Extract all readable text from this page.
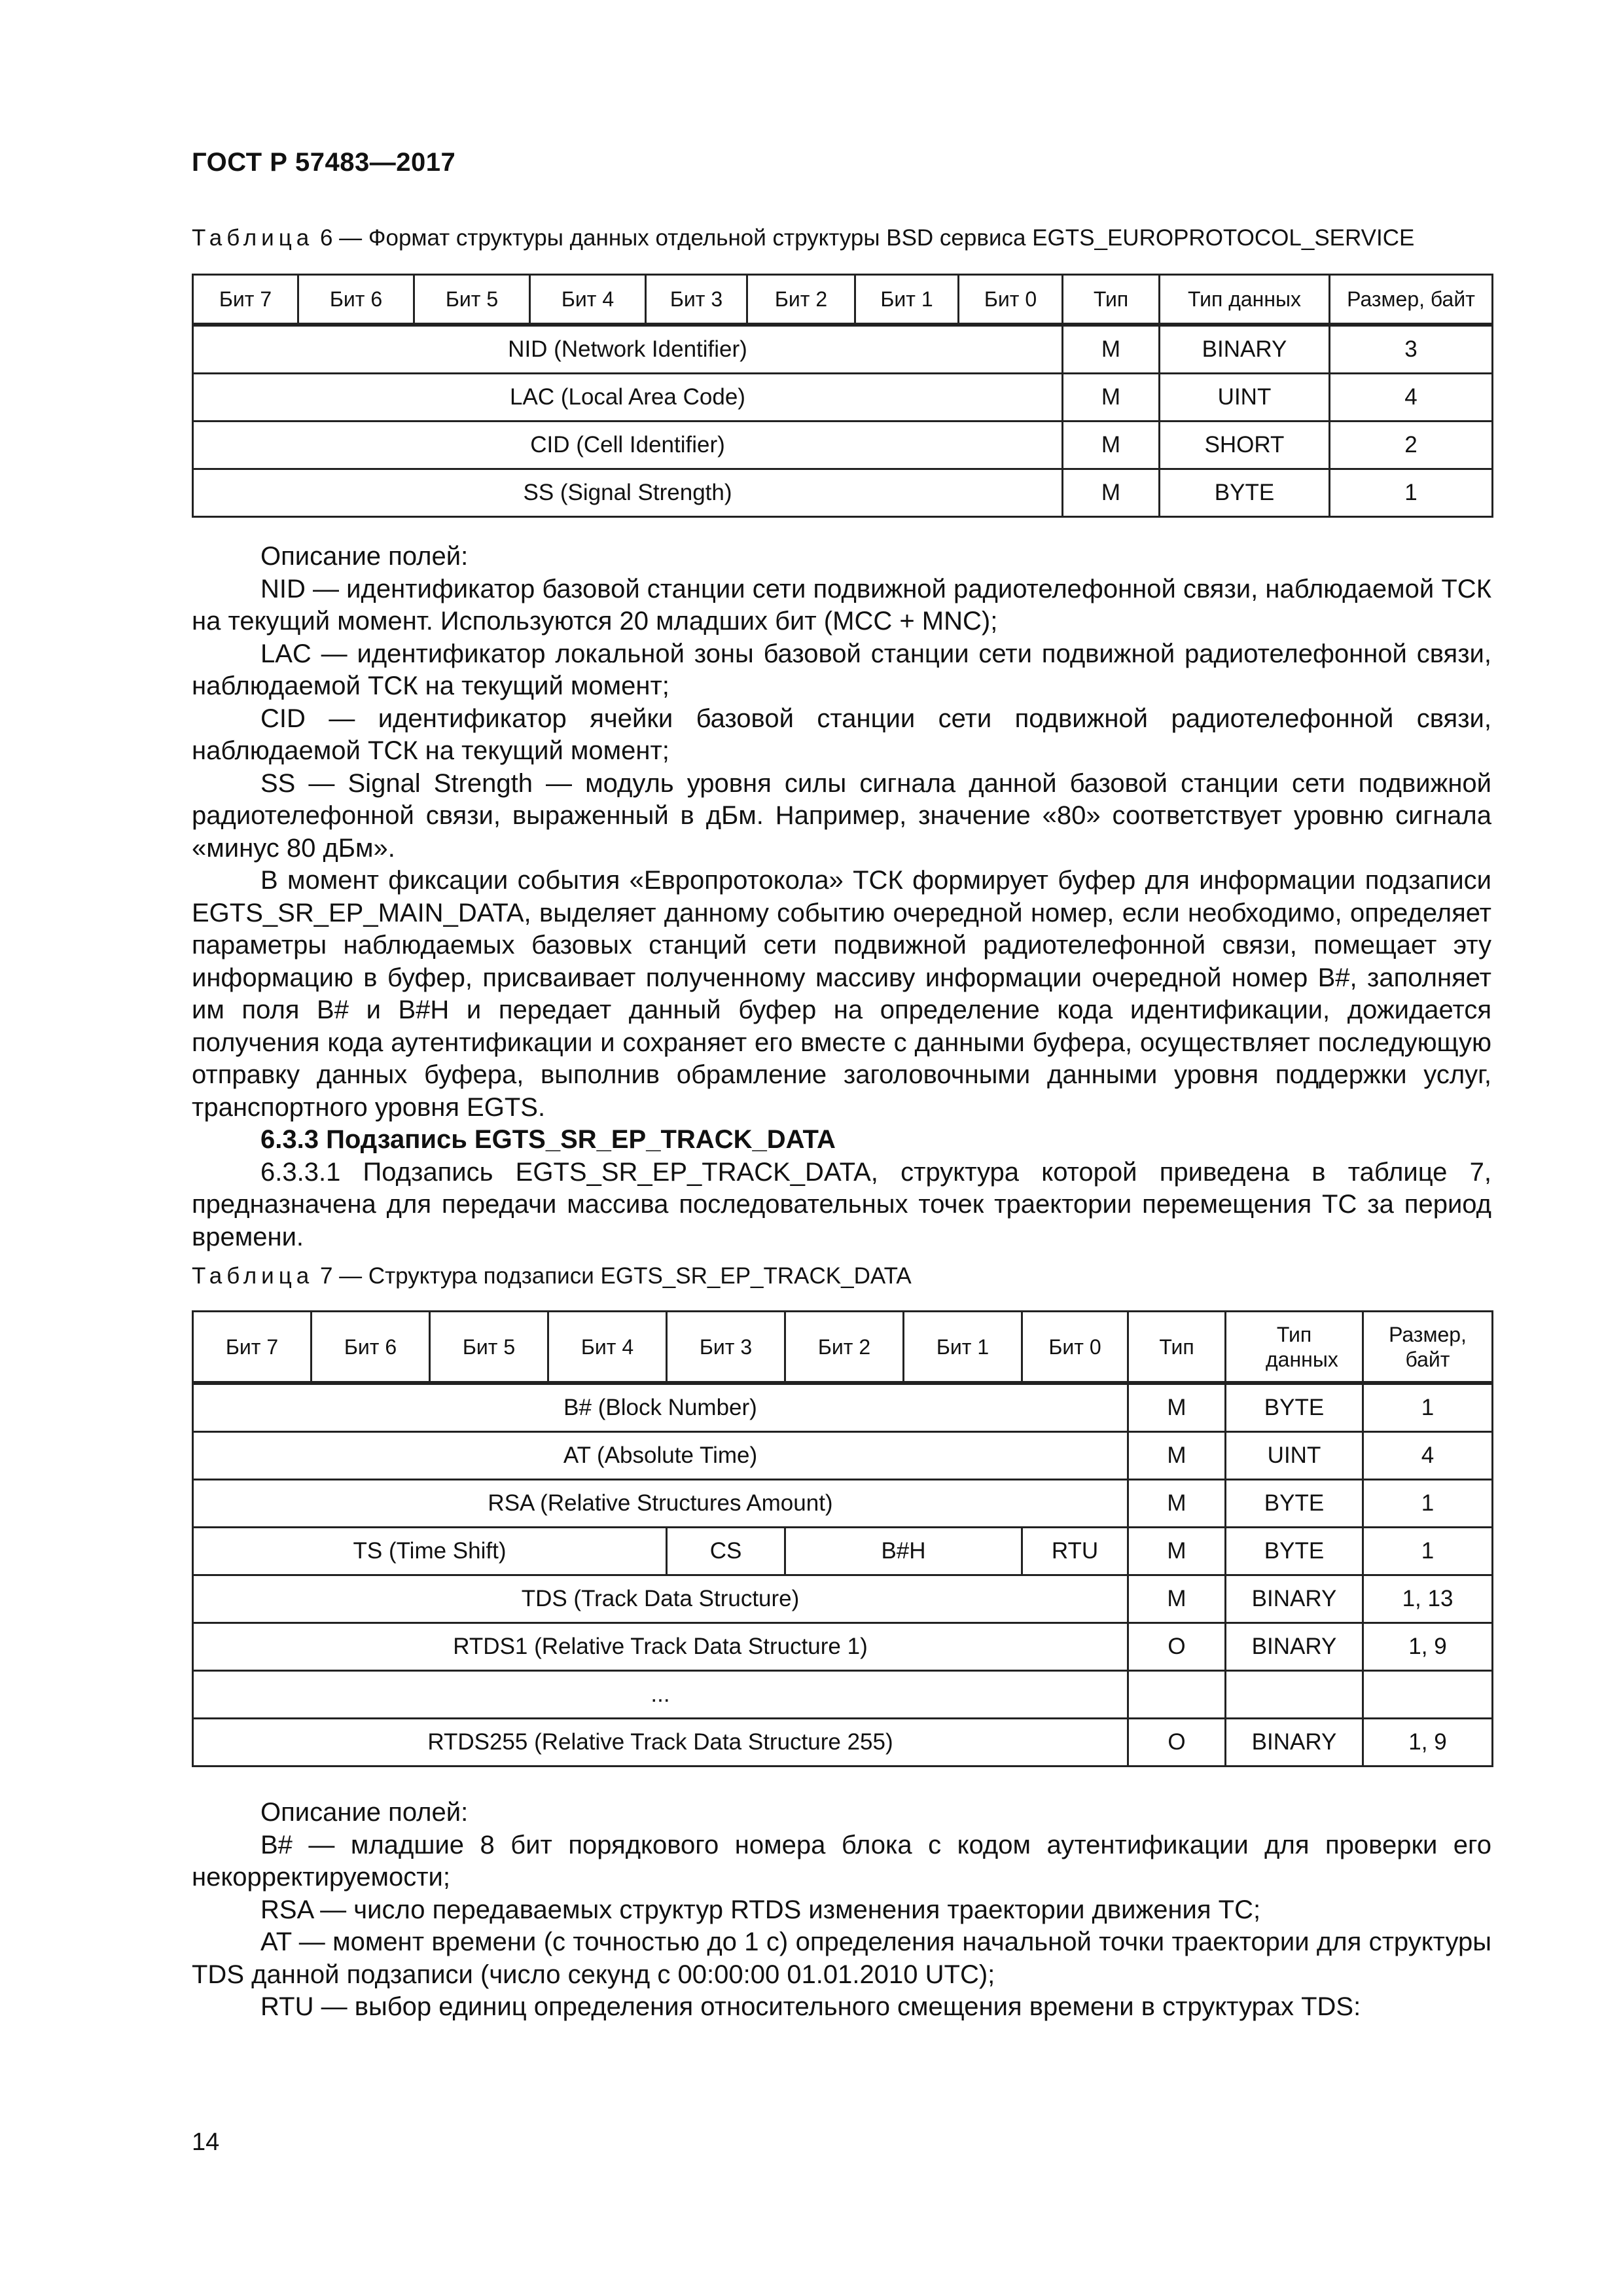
ГОСТ Р 57483—2017
Таблица 6 — Формат структуры данных отдельной структуры BSD сервиса EGTS_EUROPROTOCOL_SERVICE
Бит 7	Бит 6	Бит 5	Бит 4	Бит 3	Бит 2	Бит 1	Бит 0	Тип	Тип данных	Размер, байт

NID (Network Identifier)								M	BINARY	3
LAC (Local Area Code)								M	UINT	4
CID (Cell Identifier)								M	SHORT	2
SS (Signal Strength)								M	BYTE	1

Описание полей:

NID — идентификатор базовой станции сети подвижной радиотелефонной связи, наблюдаемой ТСК на текущий момент. Используются 20 младших бит (MCC + MNC);

LAC — идентификатор локальной зоны базовой станции сети подвижной радиотелефонной связи, наблюдаемой ТСК на текущий момент;

CID — идентификатор ячейки базовой станции сети подвижной радиотелефонной связи, наблюдаемой ТСК на текущий момент;

SS — Signal Strength — модуль уровня силы сигнала данной базовой станции сети подвижной радиотелефонной связи, выраженный в дБм. Например, значение «80» соответствует уровню сигнала «минус 80 дБм».

В момент фиксации события «Европротокола» ТСК формирует буфер для информации подзаписи EGTS_SR_EP_MAIN_DATA, выделяет данному событию очередной номер, если необходимо, определяет параметры наблюдаемых базовых станций сети подвижной радиотелефонной связи, помещает эту информацию в буфер, присваивает полученному массиву информации очередной номер B#, заполняет им поля B# и B#H и передает данный буфер на определение кода идентификации, дожидается получения кода аутентификации и сохраняет его вместе с данными буфера, осуществляет последующую отправку данных буфера, выполнив обрамление заголовочными данными уровня поддержки услуг, транспортного уровня EGTS.

6.3.3 Подзапись EGTS_SR_EP_TRACK_DATA

6.3.3.1 Подзапись EGTS_SR_EP_TRACK_DATA, структура которой приведена в таблице 7, предназначена для передачи массива последовательных точек траектории перемещения ТС за период времени.

Таблица 7 — Структура подзаписи EGTS_SR_EP_TRACK_DATA
Бит 7	Бит 6	Бит 5	Бит 4	Бит 3	Бит 2	Бит 1	Бит 0	Тип	Тип данных	Размер, байт

B# (Block Number)								M	BYTE	1
AT (Absolute Time)								M	UINT	4
RSA (Relative Structures Amount)								M	BYTE	1
TS (Time Shift)				CS	B#H		RTU	M	BYTE	1
TDS (Track Data Structure)								M	BINARY	1, 13
RTDS1 (Relative Track Data Structure 1)								O	BINARY	1, 9
...										
RTDS255 (Relative Track Data Structure 255)								O	BINARY	1, 9

Описание полей:

B# — младшие 8 бит порядкового номера блока с кодом аутентификации для проверки его некорректируемости;

RSA — число передаваемых структур RTDS изменения траектории движения ТС;

AT — момент времени (с точностью до 1 с) определения начальной точки траектории для структуры TDS данной подзаписи (число секунд с 00:00:00 01.01.2010 UTC);

RTU — выбор единиц определения относительного смещения времени в структурах TDS:

14
